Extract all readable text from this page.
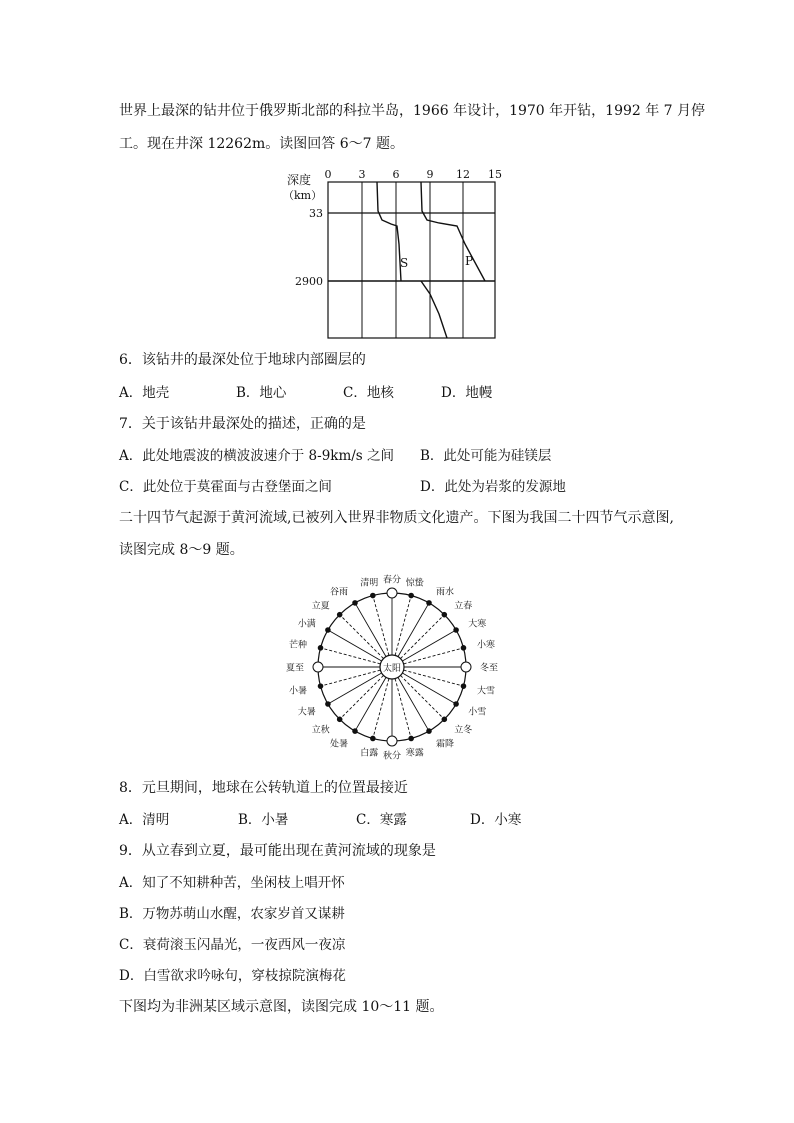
世界上最深的钻井位于俄罗斯北部的科拉半岛，1966 年设计，1970 年开钻，1992 年 7 月停
工。现在井深 12262m。读图回答 6～7 题。
深度
（km）
0 3 6 9 12 15
33
2900
S	P
6．该钻井的最深处位于地球内部圈层的
A．地壳	B．地心	C．地核	D．地幔
7．关于该钻井最深处的描述，正确的是
A．此处地震波的横波波速介于 8-9km/s 之间 B．此处可能为硅镁层
C．此处位于莫霍面与古登堡面之间	D．此处为岩浆的发源地
二十四节气起源于黄河流域,已被列入世界非物质文化遗产。下图为我国二十四节气示意图,
读图完成 8～9 题。
春分 惊蛰
雨水
立春
大寒
小寒
冬至
大雪
小雪
立冬
霜降
寒露
秋分
白露
处暑
立秋
大暑
小暑
夏至
芒种
小满
立夏
谷雨
清明
太阳
8．元旦期间，地球在公转轨道上的位置最接近
A．清明	B．小暑	C．寒露	D．小寒
9．从立春到立夏，最可能出现在黄河流域的现象是
A．知了不知耕种苦，坐闲枝上唱开怀
B．万物苏萌山水醒，农家岁首又谋耕
C．衰荷滚玉闪晶光，一夜西风一夜凉
D．白雪欲求吟咏句，穿枝掠院演梅花
下图均为非洲某区域示意图，读图完成 10～11 题。
